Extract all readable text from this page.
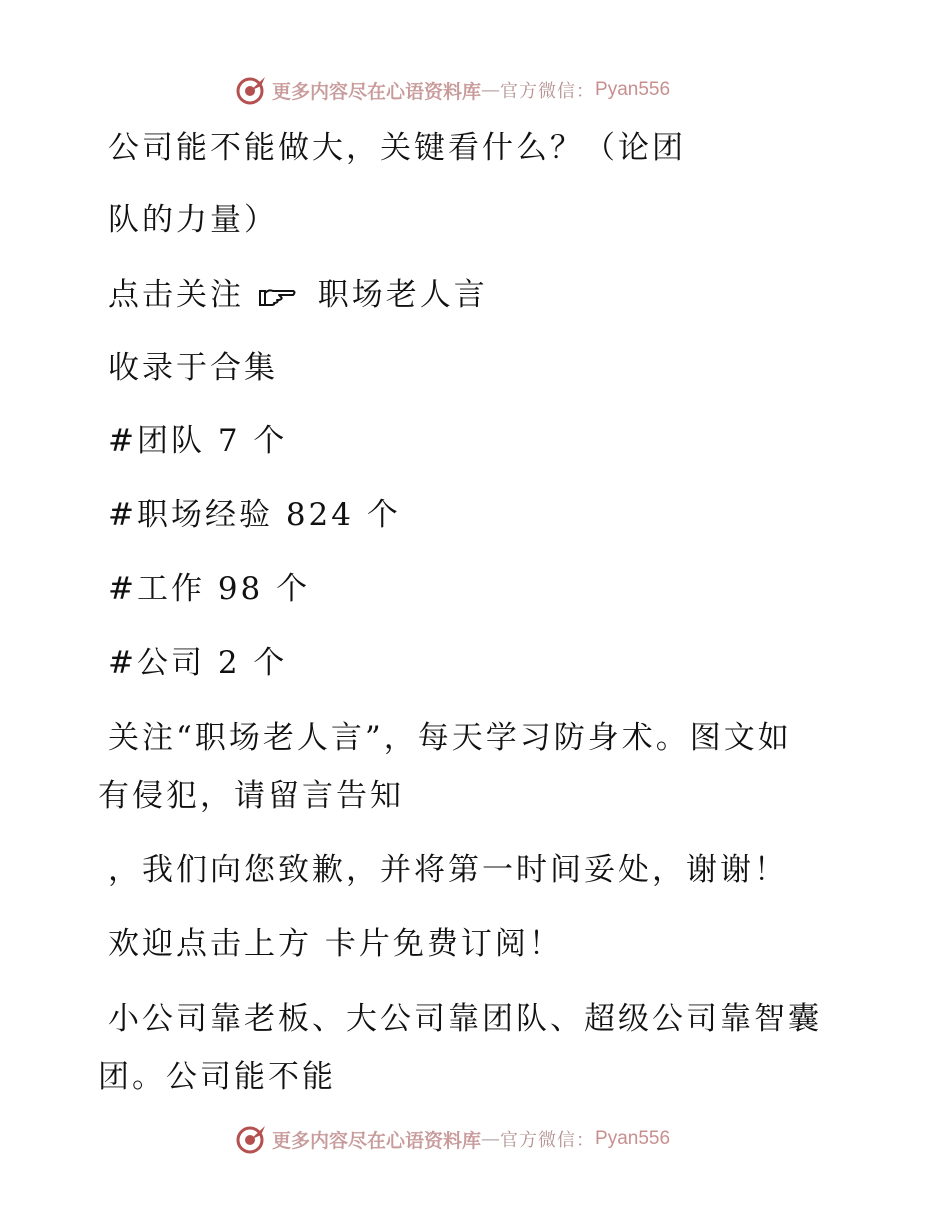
更多内容尽在心语资料库 — 官方微信： Pyan556
公司能不能做大，关键看什么？（论团
队的力量）
点击关注 职场老人言
收录于合集
#团队 7 个
#职场经验 824 个
#工作 98 个
#公司 2 个
关注“职场老人言”，每天学习防身术。图文如
有侵犯，请留言告知
，我们向您致歉，并将第一时间妥处，谢谢！
欢迎点击上方 卡片免费订阅！
小公司靠老板、大公司靠团队、超级公司靠智囊
团。公司能不能
更多内容尽在心语资料库 — 官方微信： Pyan556
